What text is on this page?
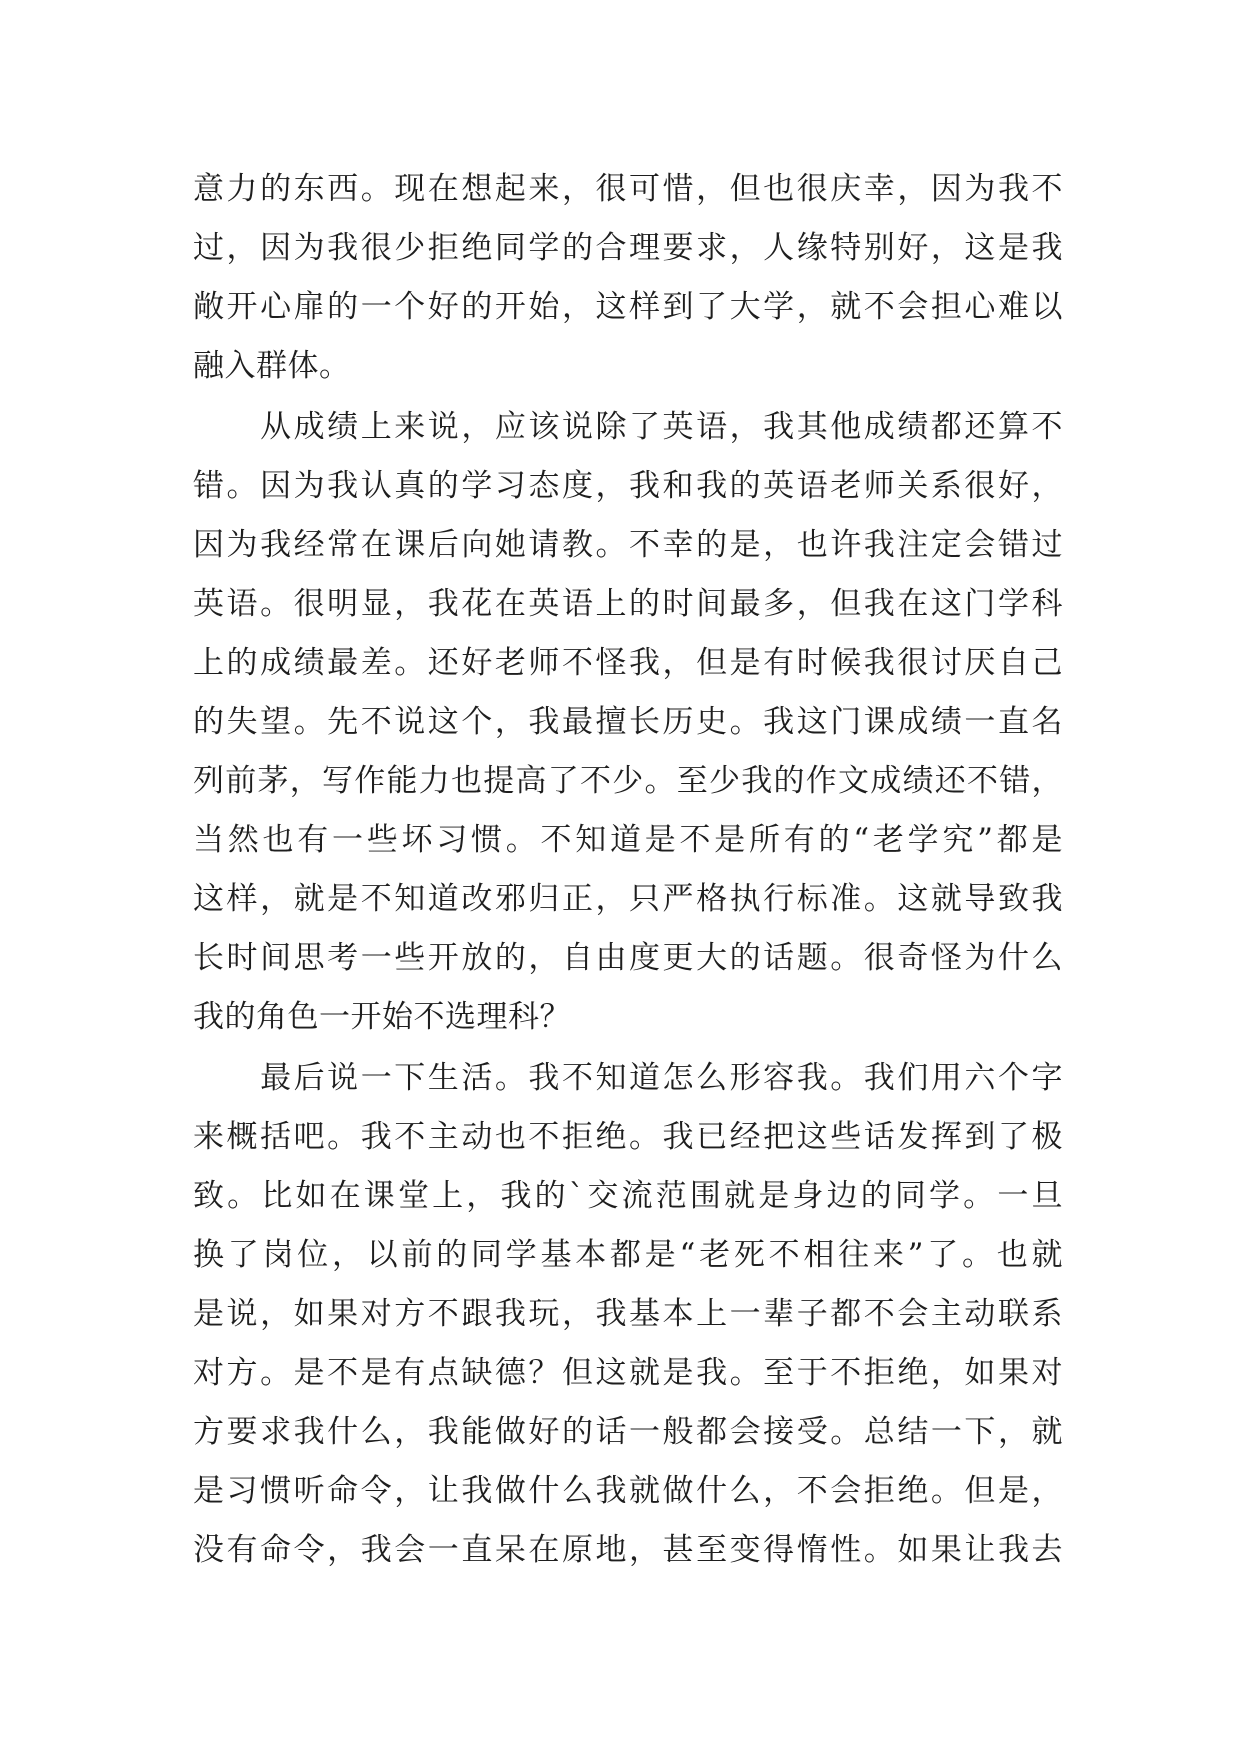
意力的东西。现在想起来，很可惜，但也很庆幸，因为我不
过，因为我很少拒绝同学的合理要求，人缘特别好，这是我
敞开心扉的一个好的开始，这样到了大学，就不会担心难以
融入群体。
　　从成绩上来说，应该说除了英语，我其他成绩都还算不
错。因为我认真的学习态度，我和我的英语老师关系很好，
因为我经常在课后向她请教。不幸的是，也许我注定会错过
英语。很明显，我花在英语上的时间最多，但我在这门学科
上的成绩最差。还好老师不怪我，但是有时候我很讨厌自己
的失望。先不说这个，我最擅长历史。我这门课成绩一直名
列前茅，写作能力也提高了不少。至少我的作文成绩还不错，
当然也有一些坏习惯。不知道是不是所有的“老学究”都是
这样，就是不知道改邪归正，只严格执行标准。这就导致我
长时间思考一些开放的，自由度更大的话题。很奇怪为什么
我的角色一开始不选理科？
　　最后说一下生活。我不知道怎么形容我。我们用六个字
来概括吧。我不主动也不拒绝。我已经把这些话发挥到了极
致。比如在课堂上，我的`交流范围就是身边的同学。一旦
换了岗位，以前的同学基本都是“老死不相往来”了。也就
是说，如果对方不跟我玩，我基本上一辈子都不会主动联系
对方。是不是有点缺德？但这就是我。至于不拒绝，如果对
方要求我什么，我能做好的话一般都会接受。总结一下，就
是习惯听命令，让我做什么我就做什么，不会拒绝。但是，
没有命令，我会一直呆在原地，甚至变得惰性。如果让我去
